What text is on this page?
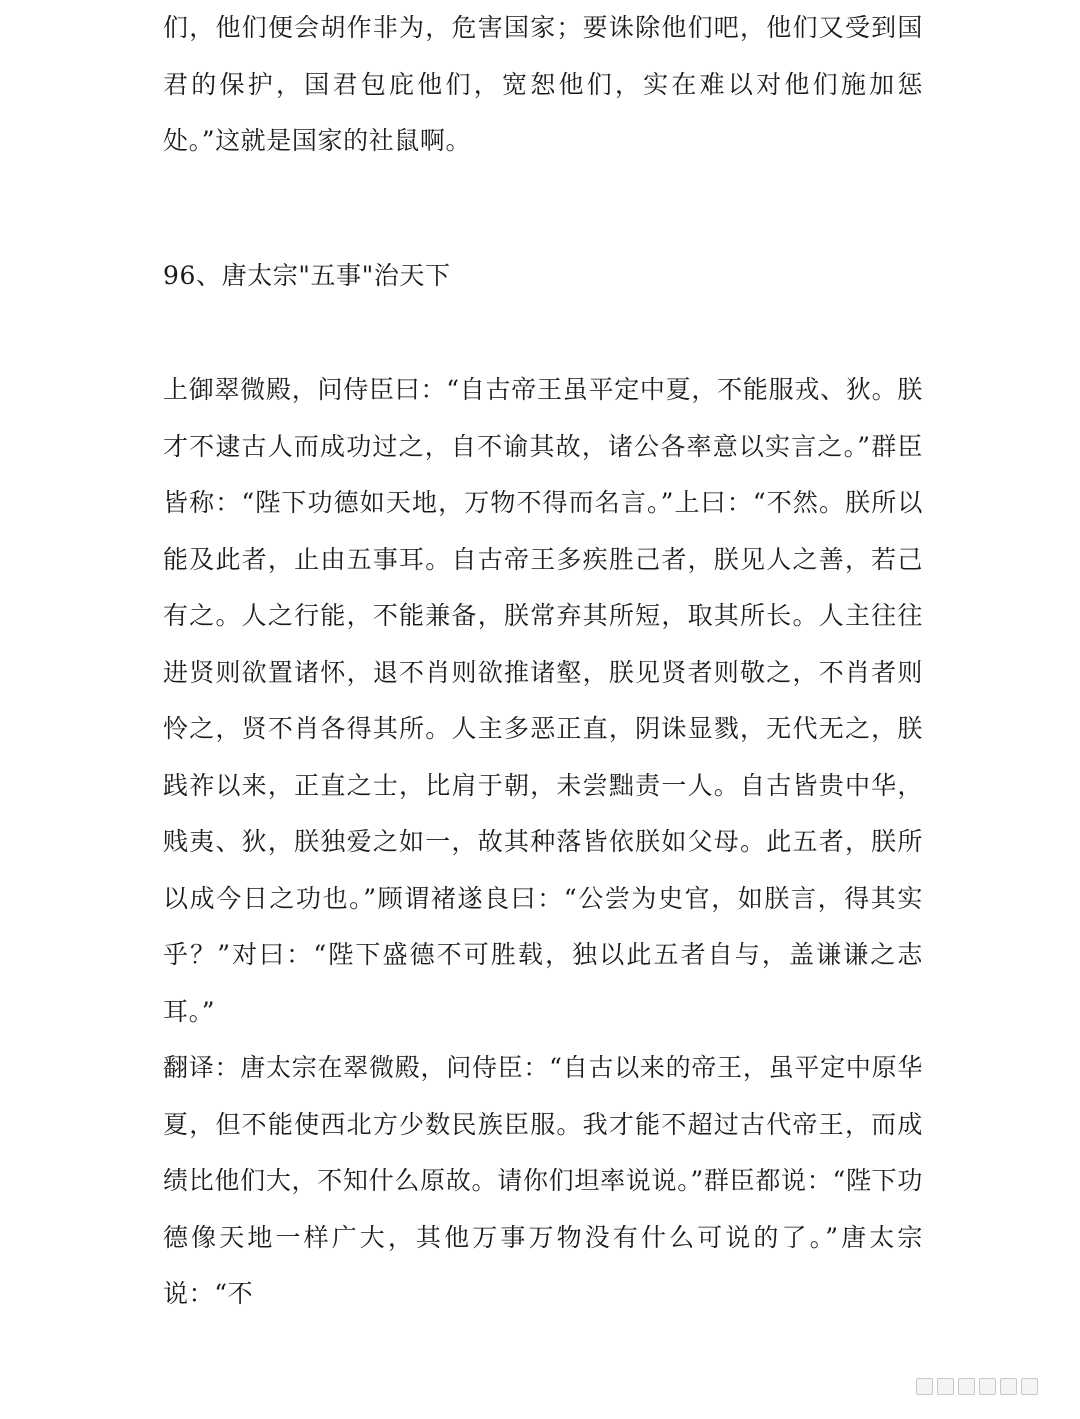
们，他们便会胡作非为，危害国家；要诛除他们吧，他们又受到国君的保护，国君包庇他们，宽恕他们，实在难以对他们施加惩处。”这就是国家的社鼠啊。

96、唐太宗"五事"治天下

上御翠微殿，问侍臣曰：“自古帝王虽平定中夏，不能服戎、狄。朕才不逮古人而成功过之，自不谕其故，诸公各率意以实言之。”群臣皆称：“陛下功德如天地，万物不得而名言。”上曰：“不然。朕所以能及此者，止由五事耳。自古帝王多疾胜己者，朕见人之善，若己有之。人之行能，不能兼备，朕常弃其所短，取其所长。人主往往进贤则欲置诸怀，退不肖则欲推诸壑，朕见贤者则敬之，不肖者则怜之，贤不肖各得其所。人主多恶正直，阴诛显戮，无代无之，朕践祚以来，正直之士，比肩于朝，未尝黜责一人。自古皆贵中华，贱夷、狄，朕独爱之如一，故其种落皆依朕如父母。此五者，朕所以成今日之功也。”顾谓褚遂良曰：“公尝为史官，如朕言，得其实乎？”对曰：“陛下盛德不可胜载，独以此五者自与，盖谦谦之志耳。”

翻译：唐太宗在翠微殿，问侍臣：“自古以来的帝王，虽平定中原华夏，但不能使西北方少数民族臣服。我才能不超过古代帝王，而成绩比他们大，不知什么原故。请你们坦率说说。”群臣都说：“陛下功德像天地一样广大，其他万事万物没有什么可说的了。”唐太宗说：“不
